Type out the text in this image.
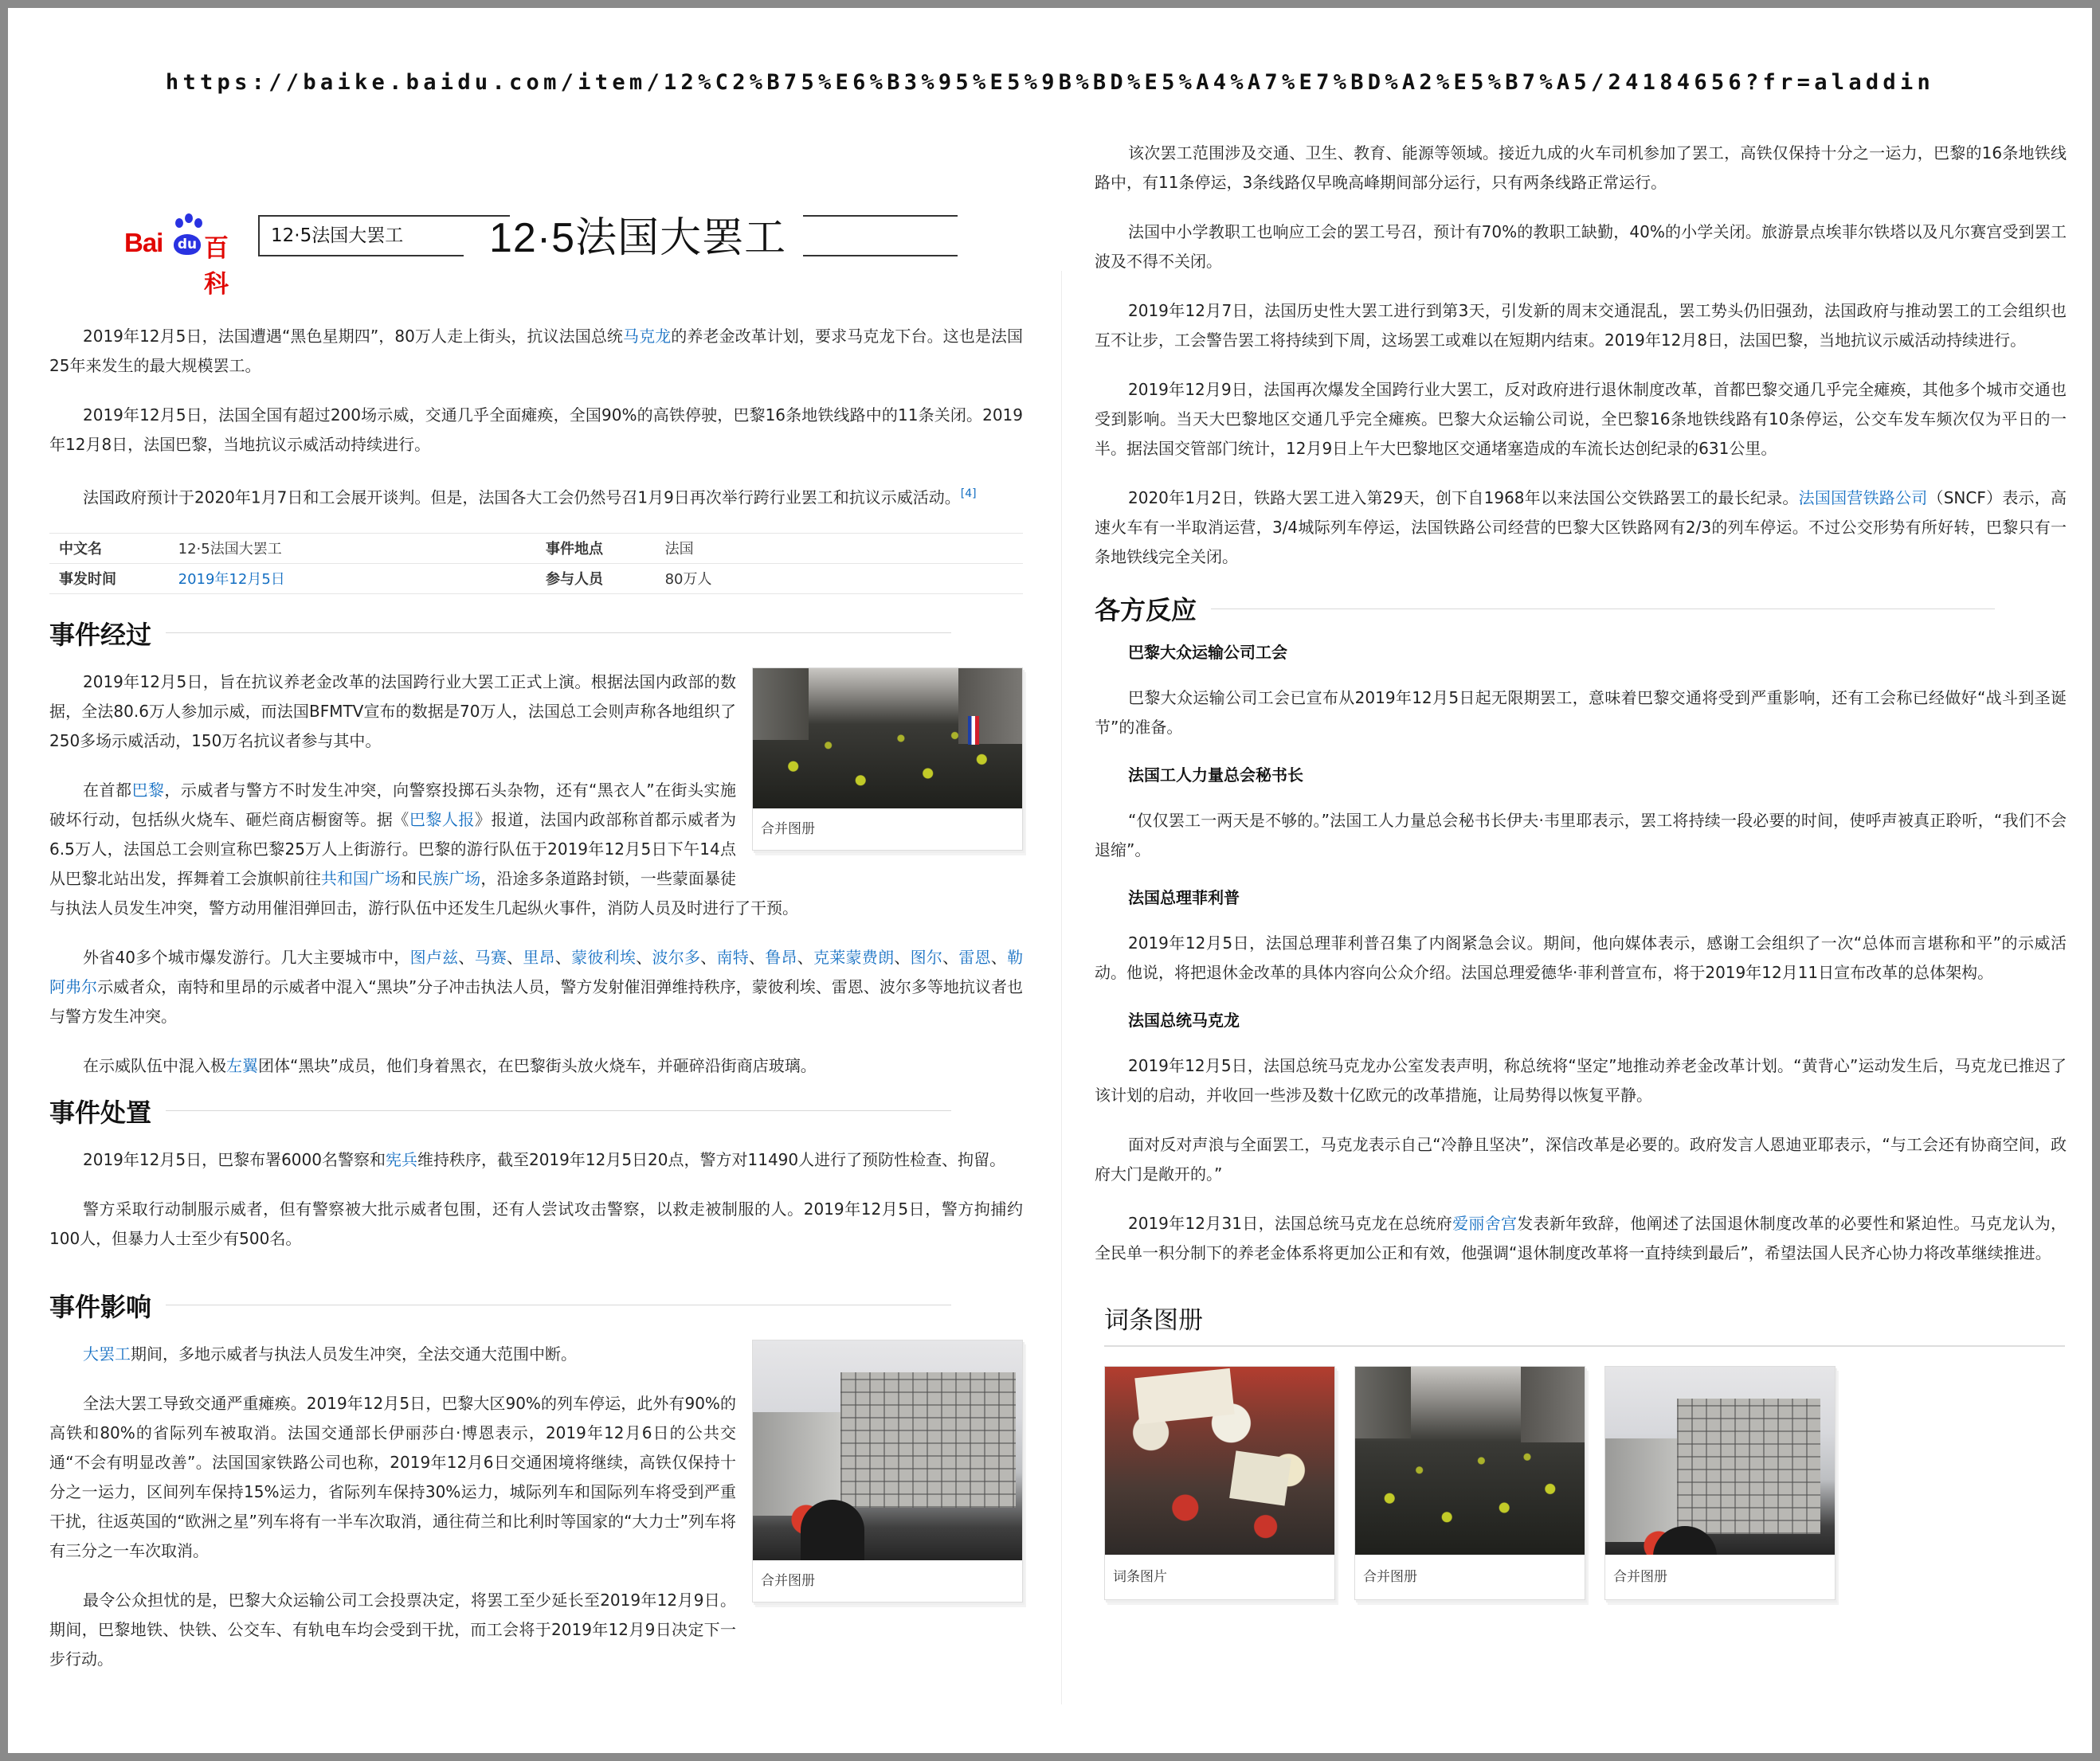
https://baike.baidu.com/item/12%C2%B75%E6%B3%95%E5%9B%BD%E5%A4%A7%E7%BD%A2%E5%B7%A5/24184656?fr=aladdin
Bai du 百科
12·5法国大罢工	12·5法国大罢工

2019年12月5日，法国遭遇“黑色星期四”，80万人走上街头，抗议法国总统马克龙的养老金改革计划，要求马克龙下台。这也是法国25年来发生的最大规模罢工。

2019年12月5日，法国全国有超过200场示威，交通几乎全面瘫痪，全国90%的高铁停驶，巴黎16条地铁线路中的11条关闭。2019年12月8日，法国巴黎，当地抗议示威活动持续进行。

法国政府预计于2020年1月7日和工会展开谈判。但是，法国各大工会仍然号召1月9日再次举行跨行业罢工和抗议示威活动。[4]

中文名	12·5法国大罢工	事件地点	法国
事发时间	2019年12月5日	参与人员	80万人
事件经过
合并图册

2019年12月5日，旨在抗议养老金改革的法国跨行业大罢工正式上演。根据法国内政部的数据，全法80.6万人参加示威，而法国BFMTV宣布的数据是70万人，法国总工会则声称各地组织了250多场示威活动，150万名抗议者参与其中。

在首都巴黎，示威者与警方不时发生冲突，向警察投掷石头杂物，还有“黑衣人”在街头实施破坏行动，包括纵火烧车、砸烂商店橱窗等。据《巴黎人报》报道，法国内政部称首都示威者为6.5万人，法国总工会则宣称巴黎25万人上街游行。巴黎的游行队伍于2019年12月5日下午14点从巴黎北站出发，挥舞着工会旗帜前往共和国广场和民族广场，沿途多条道路封锁，一些蒙面暴徒与执法人员发生冲突，警方动用催泪弹回击，游行队伍中还发生几起纵火事件，消防人员及时进行了干预。

外省40多个城市爆发游行。几大主要城市中，图卢兹、马赛、里昂、蒙彼利埃、波尔多、南特、鲁昂、克莱蒙费朗、图尔、雷恩、勒阿弗尔示威者众，南特和里昂的示威者中混入“黑块”分子冲击执法人员，警方发射催泪弹维持秩序，蒙彼利埃、雷恩、波尔多等地抗议者也与警方发生冲突。

在示威队伍中混入极左翼团体“黑块”成员，他们身着黑衣，在巴黎街头放火烧车，并砸碎沿街商店玻璃。

事件处置

2019年12月5日，巴黎布署6000名警察和宪兵维持秩序，截至2019年12月5日20点，警方对11490人进行了预防性检查、拘留。

警方采取行动制服示威者，但有警察被大批示威者包围，还有人尝试攻击警察，以救走被制服的人。2019年12月5日，警方拘捕约100人，但暴力人士至少有500名。

事件影响
合并图册

大罢工期间，多地示威者与执法人员发生冲突，全法交通大范围中断。

全法大罢工导致交通严重瘫痪。2019年12月5日，巴黎大区90%的列车停运，此外有90%的高铁和80%的省际列车被取消。法国交通部长伊丽莎白·博恩表示，2019年12月6日的公共交通“不会有明显改善”。法国国家铁路公司也称，2019年12月6日交通困境将继续，高铁仅保持十分之一运力，区间列车保持15%运力，省际列车保持30%运力，城际列车和国际列车将受到严重干扰，往返英国的“欧洲之星”列车将有一半车次取消，通往荷兰和比利时等国家的“大力士”列车将有三分之一车次取消。

最令公众担忧的是，巴黎大众运输公司工会投票决定，将罢工至少延长至2019年12月9日。期间，巴黎地铁、快铁、公交车、有轨电车均会受到干扰，而工会将于2019年12月9日决定下一步行动。

该次罢工范围涉及交通、卫生、教育、能源等领域。接近九成的火车司机参加了罢工，高铁仅保持十分之一运力，巴黎的16条地铁线路中，有11条停运，3条线路仅早晚高峰期间部分运行，只有两条线路正常运行。

法国中小学教职工也响应工会的罢工号召，预计有70%的教职工缺勤，40%的小学关闭。旅游景点埃菲尔铁塔以及凡尔赛宫受到罢工波及不得不关闭。

2019年12月7日，法国历史性大罢工进行到第3天，引发新的周末交通混乱，罢工势头仍旧强劲，法国政府与推动罢工的工会组织也互不让步，工会警告罢工将持续到下周，这场罢工或难以在短期内结束。2019年12月8日，法国巴黎，当地抗议示威活动持续进行。

2019年12月9日，法国再次爆发全国跨行业大罢工，反对政府进行退休制度改革，首都巴黎交通几乎完全瘫痪，其他多个城市交通也受到影响。当天大巴黎地区交通几乎完全瘫痪。巴黎大众运输公司说，全巴黎16条地铁线路有10条停运，公交车发车频次仅为平日的一半。据法国交管部门统计，12月9日上午大巴黎地区交通堵塞造成的车流长达创纪录的631公里。

2020年1月2日，铁路大罢工进入第29天，创下自1968年以来法国公交铁路罢工的最长纪录。法国国营铁路公司（SNCF）表示，高速火车有一半取消运营，3/4城际列车停运，法国铁路公司经营的巴黎大区铁路网有2/3的列车停运。不过公交形势有所好转，巴黎只有一条地铁线完全关闭。

各方反应
巴黎大众运输公司工会

巴黎大众运输公司工会已宣布从2019年12月5日起无限期罢工，意味着巴黎交通将受到严重影响，还有工会称已经做好“战斗到圣诞节”的准备。

法国工人力量总会秘书长

“仅仅罢工一两天是不够的。”法国工人力量总会秘书长伊夫·韦里耶表示，罢工将持续一段必要的时间，使呼声被真正聆听，“我们不会退缩”。

法国总理菲利普

2019年12月5日，法国总理菲利普召集了内阁紧急会议。期间，他向媒体表示，感谢工会组织了一次“总体而言堪称和平”的示威活动。他说，将把退休金改革的具体内容向公众介绍。法国总理爱德华·菲利普宣布，将于2019年12月11日宣布改革的总体架构。

法国总统马克龙

2019年12月5日，法国总统马克龙办公室发表声明，称总统将“坚定”地推动养老金改革计划。“黄背心”运动发生后，马克龙已推迟了该计划的启动，并收回一些涉及数十亿欧元的改革措施，让局势得以恢复平静。

面对反对声浪与全面罢工，马克龙表示自己“冷静且坚决”，深信改革是必要的。政府发言人恩迪亚耶表示，“与工会还有协商空间，政府大门是敞开的。”

2019年12月31日，法国总统马克龙在总统府爱丽舍宫发表新年致辞，他阐述了法国退休制度改革的必要性和紧迫性。马克龙认为，全民单一积分制下的养老金体系将更加公正和有效，他强调“退休制度改革将一直持续到最后”，希望法国人民齐心协力将改革继续推进。

词条图册
词条图片	合并图册	合并图册
